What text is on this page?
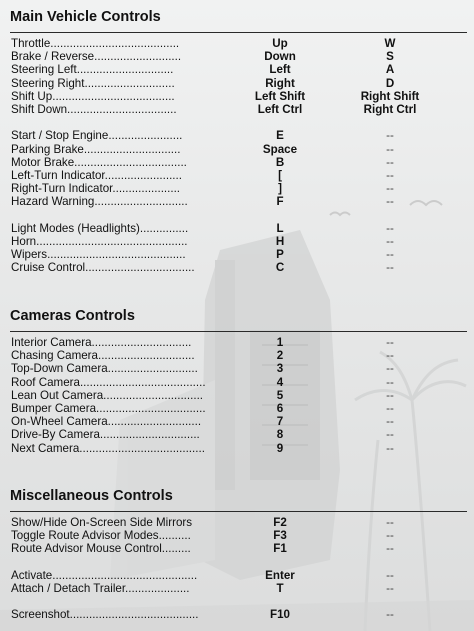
Main Vehicle Controls
Throttle........................................	Up	W
Brake / Reverse...........................	Down	S
Steering Left..............................	Left	A
Steering Right............................	Right	D
Shift Up......................................	Left Shift	Right Shift
Shift Down..................................	Left Ctrl	Right Ctrl
Start / Stop Engine.......................	E	--
Parking Brake..............................	Space	--
Motor Brake...................................	B	--
Left-Turn Indicator........................	[	--
Right-Turn Indicator.....................	]	--
Hazard Warning.............................	F	--
Light Modes (Headlights)...............	L	--
Horn...............................................	H	--
Wipers...........................................	P	--
Cruise Control..................................	C	--
Cameras Controls
Interior Camera...............................	1	--
Chasing Camera..............................	2	--
Top-Down Camera............................	3	--
Roof Camera.......................................	4	--
Lean Out Camera...............................	5	--
Bumper Camera..................................	6	--
On-Wheel Camera.............................	7	--
Drive-By Camera...............................	8	--
Next Camera.......................................	9	--
Miscellaneous Controls
Show/Hide On-Screen Side Mirrors	F2	--
Toggle Route Advisor Modes..........	F3	--
Route Advisor Mouse Control.........	F1	--
Activate.............................................	Enter	--
Attach / Detach Trailer....................	T	--
Screenshot........................................	F10	--
